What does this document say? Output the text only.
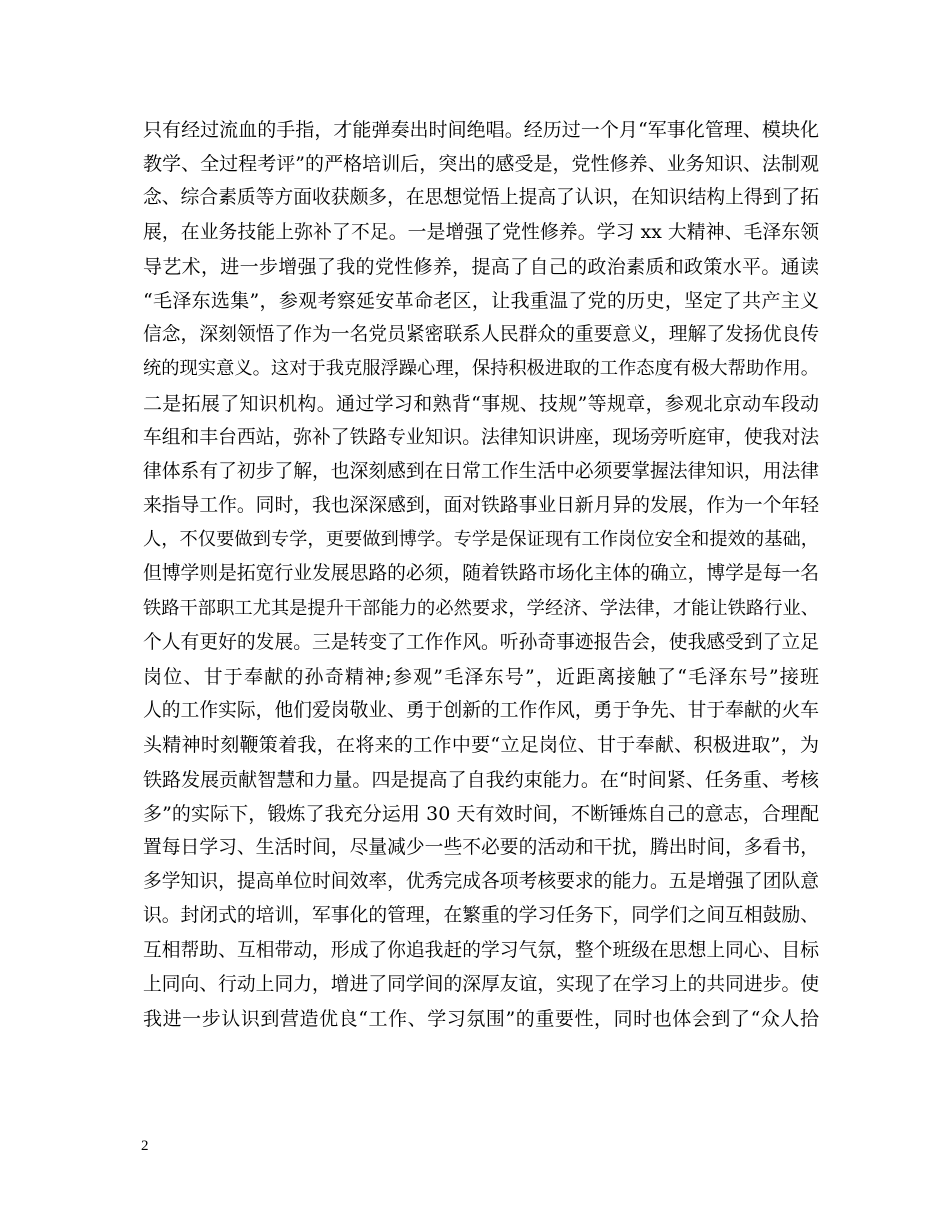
只有经过流血的手指，才能弹奏出时间绝唱。经历过一个月“军事化管理、模块化
教学、全过程考评”的严格培训后，突出的感受是，党性修养、业务知识、法制观
念、综合素质等方面收获颇多，在思想觉悟上提高了认识，在知识结构上得到了拓
展，在业务技能上弥补了不足。一是增强了党性修养。学习 xx 大精神、毛泽东领
导艺术，进一步增强了我的党性修养，提高了自己的政治素质和政策水平。通读
“毛泽东选集”，参观考察延安革命老区，让我重温了党的历史，坚定了共产主义
信念，深刻领悟了作为一名党员紧密联系人民群众的重要意义，理解了发扬优良传
统的现实意义。这对于我克服浮躁心理，保持积极进取的工作态度有极大帮助作用。
二是拓展了知识机构。通过学习和熟背“事规、技规”等规章，参观北京动车段动
车组和丰台西站，弥补了铁路专业知识。法律知识讲座，现场旁听庭审，使我对法
律体系有了初步了解，也深刻感到在日常工作生活中必须要掌握法律知识，用法律
来指导工作。同时，我也深深感到，面对铁路事业日新月异的发展，作为一个年轻
人，不仅要做到专学，更要做到博学。专学是保证现有工作岗位安全和提效的基础，
但博学则是拓宽行业发展思路的必须，随着铁路市场化主体的确立，博学是每一名
铁路干部职工尤其是提升干部能力的必然要求，学经济、学法律，才能让铁路行业、
个人有更好的发展。三是转变了工作作风。听孙奇事迹报告会，使我感受到了立足
岗位、甘于奉献的孙奇精神;参观”毛泽东号”，近距离接触了“毛泽东号”接班
人的工作实际，他们爱岗敬业、勇于创新的工作作风，勇于争先、甘于奉献的火车
头精神时刻鞭策着我，在将来的工作中要“立足岗位、甘于奉献、积极进取”，为
铁路发展贡献智慧和力量。四是提高了自我约束能力。在“时间紧、任务重、考核
多”的实际下，锻炼了我充分运用 30 天有效时间，不断锤炼自己的意志，合理配
置每日学习、生活时间，尽量减少一些不必要的活动和干扰，腾出时间，多看书，
多学知识，提高单位时间效率，优秀完成各项考核要求的能力。五是增强了团队意
识。封闭式的培训，军事化的管理，在繁重的学习任务下，同学们之间互相鼓励、
互相帮助、互相带动，形成了你追我赶的学习气氛，整个班级在思想上同心、目标
上同向、行动上同力，增进了同学间的深厚友谊，实现了在学习上的共同进步。使
我进一步认识到营造优良“工作、学习氛围”的重要性，同时也体会到了“众人拾
2
